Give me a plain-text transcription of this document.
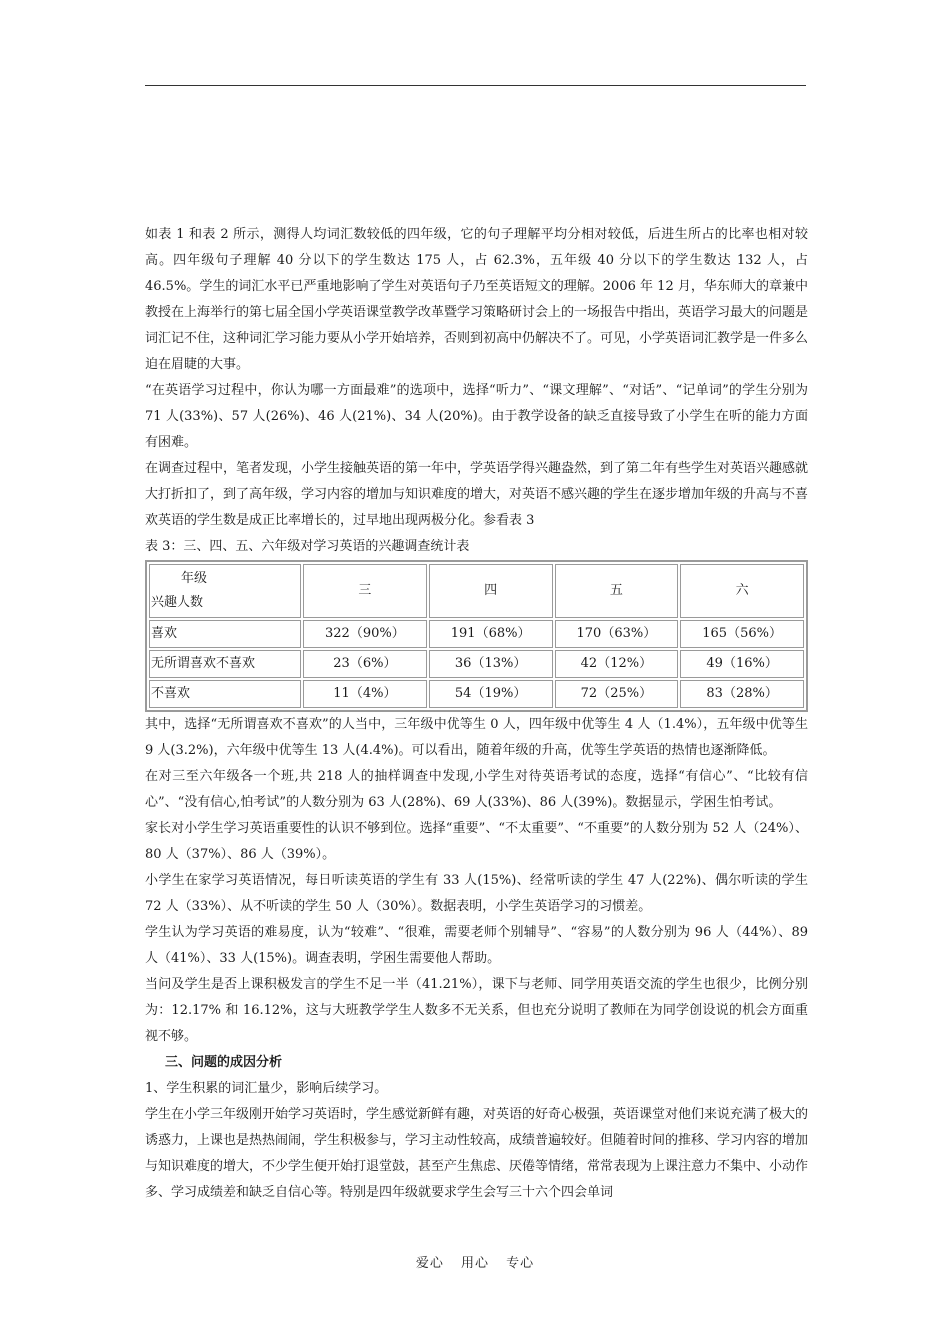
如表 1 和表 2 所示，测得人均词汇数较低的四年级，它的句子理解平均分相对较低，后进生所占的比率也相对较高。四年级句子理解 40 分以下的学生数达 175 人，占 62.3%，五年级 40 分以下的学生数达 132 人，占 46.5%。学生的词汇水平已严重地影响了学生对英语句子乃至英语短文的理解。2006 年 12 月，华东师大的章兼中教授在上海举行的第七届全国小学英语课堂教学改革暨学习策略研讨会上的一场报告中指出，英语学习最大的问题是词汇记不住，这种词汇学习能力要从小学开始培养，否则到初高中仍解决不了。可见，小学英语词汇教学是一件多么迫在眉睫的大事。

“在英语学习过程中，你认为哪一方面最难”的选项中，选择“听力”、“课文理解”、“对话”、“记单词”的学生分别为 71 人(33%)、57 人(26%)、46 人(21%)、34 人(20%)。由于教学设备的缺乏直接导致了小学生在听的能力方面有困难。

在调查过程中，笔者发现，小学生接触英语的第一年中，学英语学得兴趣盎然，到了第二年有些学生对英语兴趣感就大打折扣了，到了高年级，学习内容的增加与知识难度的增大，对英语不感兴趣的学生在逐步增加年级的升高与不喜欢英语的学生数是成正比率增长的，过早地出现两极分化。参看表 3

表 3：三、四、五、六年级对学习英语的兴趣调查统计表

年级
兴趣人数	三	四	五	六
喜欢	322（90%）	191（68%）	170（63%）	165（56%）
无所谓喜欢不喜欢	23（6%）	36（13%）	42（12%）	49（16%）
不喜欢	11（4%）	54（19%）	72（25%）	83（28%）

其中，选择“无所谓喜欢不喜欢”的人当中，三年级中优等生 0 人，四年级中优等生 4 人（1.4%），五年级中优等生 9 人(3.2%)，六年级中优等生 13 人(4.4%)。可以看出，随着年级的升高，优等生学英语的热情也逐渐降低。

在对三至六年级各一个班,共 218 人的抽样调查中发现,小学生对待英语考试的态度，选择“有信心”、“比较有信心”、“没有信心,怕考试”的人数分别为 63 人(28%)、69 人(33%)、86 人(39%)。数据显示，学困生怕考试。

家长对小学生学习英语重要性的认识不够到位。选择“重要”、“不太重要”、“不重要”的人数分别为 52 人（24%）、80 人（37%）、86 人（39%）。

小学生在家学习英语情况，每日听读英语的学生有 33 人(15%)、经常听读的学生 47 人(22%)、偶尔听读的学生 72 人（33%）、从不听读的学生 50 人（30%）。数据表明，小学生英语学习的习惯差。

学生认为学习英语的难易度，认为“较难”、“很难，需要老师个别辅导”、“容易”的人数分别为 96 人（44%）、89 人（41%）、33 人(15%)。调查表明，学困生需要他人帮助。

当问及学生是否上课积极发言的学生不足一半（41.21%），课下与老师、同学用英语交流的学生也很少，比例分别为：12.17% 和 16.12%，这与大班教学学生人数多不无关系，但也充分说明了教师在为同学创设说的机会方面重视不够。

三、问题的成因分析

1、学生积累的词汇量少，影响后续学习。

学生在小学三年级刚开始学习英语时，学生感觉新鲜有趣，对英语的好奇心极强，英语课堂对他们来说充满了极大的诱惑力，上课也是热热闹闹，学生积极参与，学习主动性较高，成绩普遍较好。但随着时间的推移、学习内容的增加与知识难度的增大，不少学生便开始打退堂鼓，甚至产生焦虑、厌倦等情绪，常常表现为上课注意力不集中、小动作多、学习成绩差和缺乏自信心等。特别是四年级就要求学生会写三十六个四会单词

爱心 用心 专心
